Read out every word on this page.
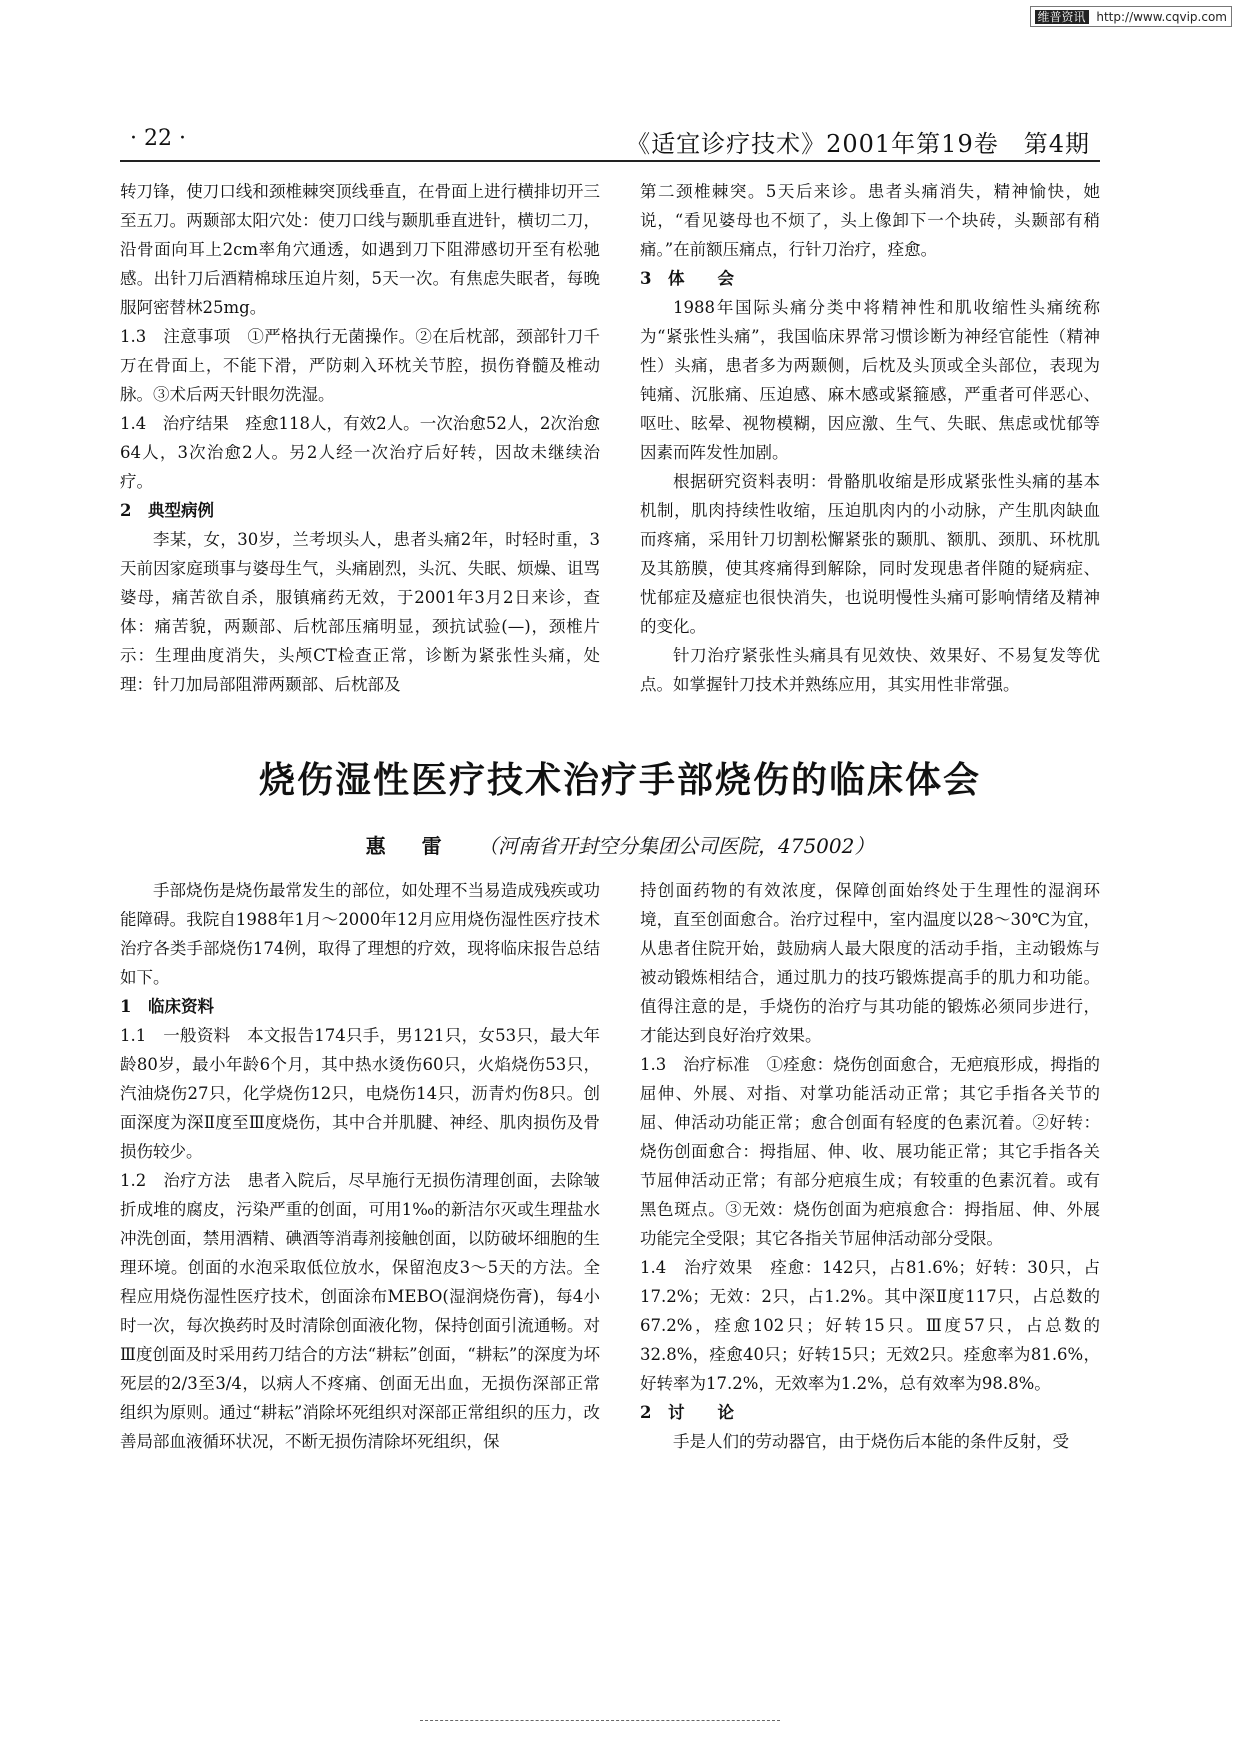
维普资讯 http://www.cqvip.com
· 22 ·	《适宜诊疗技术》2001年第19卷　第4期

转刀锋，使刀口线和颈椎棘突顶线垂直，在骨面上进行横排切开三至五刀。两颞部太阳穴处：使刀口线与颞肌垂直进针，横切二刀，沿骨面向耳上2cm率角穴通透，如遇到刀下阻滞感切开至有松驰感。出针刀后酒精棉球压迫片刻，5天一次。有焦虑失眠者，每晚服阿密替林25mg。

1.3　注意事项　①严格执行无菌操作。②在后枕部，颈部针刀千万在骨面上，不能下滑，严防刺入环枕关节腔，损伤脊髓及椎动脉。③术后两天针眼勿洗湿。

1.4　治疗结果　痊愈118人，有效2人。一次治愈52人，2次治愈64人，3次治愈2人。另2人经一次治疗后好转，因故未继续治疗。

2　典型病例

李某，女，30岁，兰考坝头人，患者头痛2年，时轻时重，3天前因家庭琐事与婆母生气，头痛剧烈，头沉、失眠、烦燥、诅骂婆母，痛苦欲自杀，服镇痛药无效，于2001年3月2日来诊，查体：痛苦貌，两颞部、后枕部压痛明显，颈抗试验(—)，颈椎片示：生理曲度消失，头颅CT检查正常，诊断为紧张性头痛，处理：针刀加局部阻滞两颞部、后枕部及

第二颈椎棘突。5天后来诊。患者头痛消失，精神愉快，她说，“看见婆母也不烦了，头上像卸下一个块砖，头颞部有稍痛。”在前额压痛点，行针刀治疗，痊愈。

3　体　　会

1988年国际头痛分类中将精神性和肌收缩性头痛统称为“紧张性头痛”，我国临床界常习惯诊断为神经官能性（精神性）头痛，患者多为两颞侧，后枕及头顶或全头部位，表现为钝痛、沉胀痛、压迫感、麻木感或紧箍感，严重者可伴恶心、呕吐、眩晕、视物模糊，因应激、生气、失眠、焦虑或忧郁等因素而阵发性加剧。

根据研究资料表明：骨骼肌收缩是形成紧张性头痛的基本机制，肌肉持续性收缩，压迫肌肉内的小动脉，产生肌肉缺血而疼痛，采用针刀切割松懈紧张的颞肌、额肌、颈肌、环枕肌及其筋膜，使其疼痛得到解除，同时发现患者伴随的疑病症、忧郁症及癔症也很快消失，也说明慢性头痛可影响情绪及精神的变化。

针刀治疗紧张性头痛具有见效快、效果好、不易复发等优点。如掌握针刀技术并熟练应用，其实用性非常强。

烧伤湿性医疗技术治疗手部烧伤的临床体会
惠　雷 （河南省开封空分集团公司医院，475002）

手部烧伤是烧伤最常发生的部位，如处理不当易造成残疾或功能障碍。我院自1988年1月～2000年12月应用烧伤湿性医疗技术治疗各类手部烧伤174例，取得了理想的疗效，现将临床报告总结如下。

1　临床资料

1.1　一般资料　本文报告174只手，男121只，女53只，最大年龄80岁，最小年龄6个月，其中热水烫伤60只，火焰烧伤53只，汽油烧伤27只，化学烧伤12只，电烧伤14只，沥青灼伤8只。创面深度为深Ⅱ度至Ⅲ度烧伤，其中合并肌腱、神经、肌肉损伤及骨损伤较少。

1.2　治疗方法　患者入院后，尽早施行无损伤清理创面，去除皱折成堆的腐皮，污染严重的创面，可用1‰的新洁尔灭或生理盐水冲洗创面，禁用酒精、碘酒等消毒剂接触创面，以防破坏细胞的生理环境。创面的水泡采取低位放水，保留泡皮3～5天的方法。全程应用烧伤湿性医疗技术，创面涂布MEBO(湿润烧伤膏)，每4小时一次，每次换药时及时清除创面液化物，保持创面引流通畅。对Ⅲ度创面及时采用药刀结合的方法“耕耘”创面，“耕耘”的深度为坏死层的2/3至3/4，以病人不疼痛、创面无出血，无损伤深部正常组织为原则。通过“耕耘”消除坏死组织对深部正常组织的压力，改善局部血液循环状况，不断无损伤清除坏死组织，保

持创面药物的有效浓度，保障创面始终处于生理性的湿润环境，直至创面愈合。治疗过程中，室内温度以28～30℃为宜，从患者住院开始，鼓励病人最大限度的活动手指，主动锻炼与被动锻炼相结合，通过肌力的技巧锻炼提高手的肌力和功能。值得注意的是，手烧伤的治疗与其功能的锻炼必须同步进行，才能达到良好治疗效果。

1.3　治疗标准　①痊愈：烧伤创面愈合，无疤痕形成，拇指的屈伸、外展、对指、对掌功能活动正常；其它手指各关节的屈、伸活动功能正常；愈合创面有轻度的色素沉着。②好转：烧伤创面愈合：拇指屈、伸、收、展功能正常；其它手指各关节屈伸活动正常；有部分疤痕生成；有较重的色素沉着。或有黑色斑点。③无效：烧伤创面为疤痕愈合：拇指屈、伸、外展功能完全受限；其它各指关节屈伸活动部分受限。

1.4　治疗效果　痊愈：142只，占81.6%；好转：30只，占17.2%；无效：2只，占1.2%。其中深Ⅱ度117只，占总数的67.2%，痊愈102只；好转15只。Ⅲ度57只，占总数的32.8%，痊愈40只；好转15只；无效2只。痊愈率为81.6%，好转率为17.2%，无效率为1.2%，总有效率为98.8%。

2　讨　　论

手是人们的劳动器官，由于烧伤后本能的条件反射，受
